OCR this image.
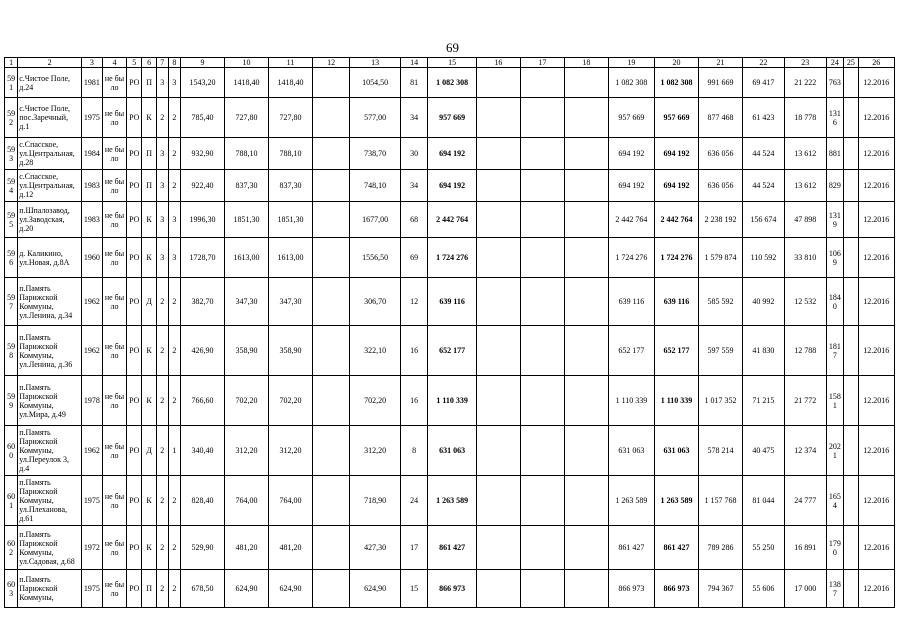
69
1	2	3	4	5	6	7	8	9	10	11	12	13	14	15	16	17	18	19	20	21	22	23	24	25	26
591	с.Чистое Поле, д.24	1981	не было	РО	П	3	3	1543,20	1418,40	1418,40		1054,50	81	1 082 308				1 082 308	1 082 308	991 669	69 417	21 222	763		12.2016
592	с.Чистое Поле, пос.Заречный, д.1	1975	не было	РО	К	2	2	785,40	727,80	727,80		577,00	34	957 669				957 669	957 669	877 468	61 423	18 778	1316		12.2016
593	с.Спасское, ул.Центральная, д.28	1984	не было	РО	П	3	2	932,90	788,10	788,10		738,70	30	694 192				694 192	694 192	636 056	44 524	13 612	881		12.2016
594	с.Спасское, ул.Центральная, д.12	1983	не было	РО	П	3	2	922,40	837,30	837,30		748,10	34	694 192				694 192	694 192	636 056	44 524	13 612	829		12.2016
595	п.Шпалозавод, ул.Заводская, д.20	1983	не было	РО	К	3	3	1996,30	1851,30	1851,30		1677,00	68	2 442 764				2 442 764	2 442 764	2 238 192	156 674	47 898	1319		12.2016
596	д. Каликино, ул.Новая, д.8А	1960	не было	РО	К	3	3	1728,70	1613,00	1613,00		1556,50	69	1 724 276				1 724 276	1 724 276	1 579 874	110 592	33 810	1069		12.2016
597	п.Память Парижской Коммуны, ул.Ленина, д.34	1962	не было	РО	Д	2	2	382,70	347,30	347,30		306,70	12	639 116				639 116	639 116	585 592	40 992	12 532	1840		12.2016
598	п.Память Парижской Коммуны, ул.Ленина, д.36	1962	не было	РО	К	2	2	426,90	358,90	358,90		322,10	16	652 177				652 177	652 177	597 559	41 830	12 788	1817		12.2016
599	п.Память Парижской Коммуны, ул.Мира, д.49	1978	не было	РО	К	2	2	766,60	702,20	702,20		702,20	16	1 110 339				1 110 339	1 110 339	1 017 352	71 215	21 772	1581		12.2016
600	п.Память Парижской Коммуны, ул.Переулок 3, д.4	1962	не было	РО	Д	2	1	340,40	312,20	312,20		312,20	8	631 063				631 063	631 063	578 214	40 475	12 374	2021		12.2016
601	п.Память Парижской Коммуны, ул.Плеханова, д.61	1975	не было	РО	К	2	2	828,40	764,00	764,00		718,90	24	1 263 589				1 263 589	1 263 589	1 157 768	81 044	24 777	1654		12.2016
602	п.Память Парижской Коммуны, ул.Садовая, д.68	1972	не было	РО	К	2	2	529,90	481,20	481,20		427,30	17	861 427				861 427	861 427	789 286	55 250	16 891	1790		12.2016
603	п.Память Парижской Коммуны,	1975	не было	РО	П	2	2	678,50	624,90	624,90		624,90	15	866 973				866 973	866 973	794 367	55 606	17 000	1387		12.2016
